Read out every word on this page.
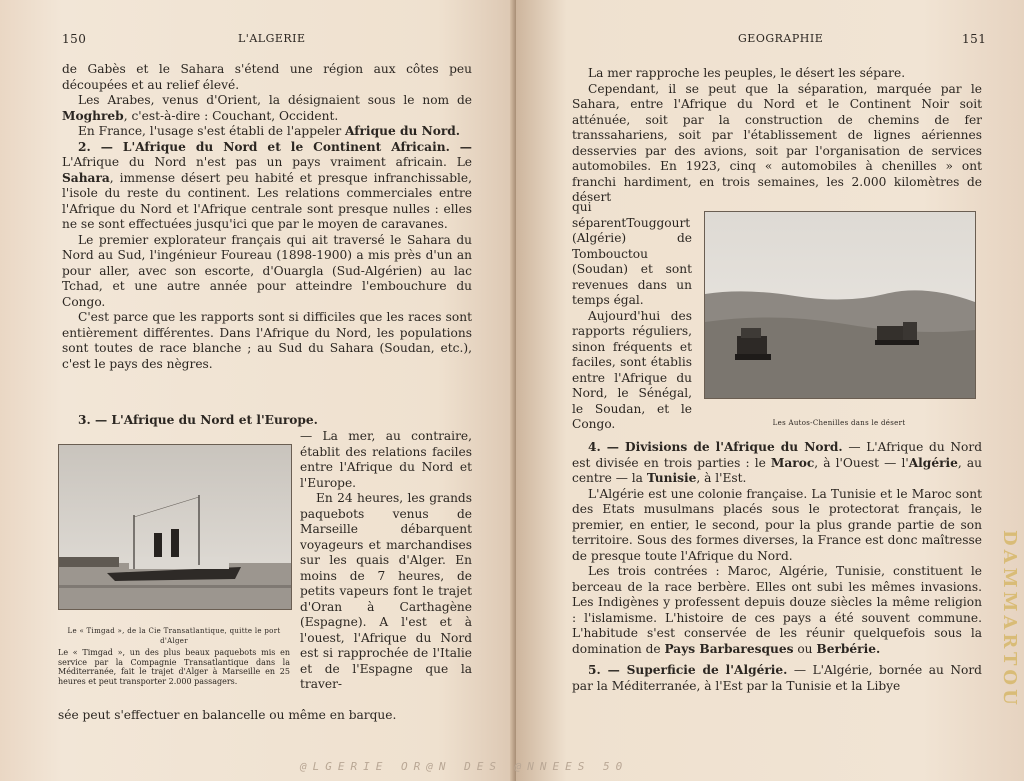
150	L'ALGERIE

de Gabès et le Sahara s'étend une région aux côtes peu découpées et au relief élevé.

Les Arabes, venus d'Orient, la désignaient sous le nom de Moghreb, c'est-à-dire : Couchant, Occident.

En France, l'usage s'est établi de l'appeler Afrique du Nord.

2. — L'Afrique du Nord et le Continent Africain. — L'Afrique du Nord n'est pas un pays vraiment africain. Le Sahara, immense désert peu habité et presque infranchissable, l'isole du reste du continent. Les relations commerciales entre l'Afrique du Nord et l'Afrique centrale sont presque nulles : elles ne se sont effectuées jusqu'ici que par le moyen de caravanes.

Le premier explorateur français qui ait traversé le Sahara du Nord au Sud, l'ingénieur Foureau (1898-1900) a mis près d'un an pour aller, avec son escorte, d'Ouargla (Sud-Algérien) au lac Tchad, et une autre année pour atteindre l'embouchure du Congo.

C'est parce que les rapports sont si difficiles que les races sont entièrement différentes. Dans l'Afrique du Nord, les populations sont toutes de race blanche ; au Sud du Sahara (Soudan, etc.), c'est le pays des nègres.

3. — L'Afrique du Nord et l'Europe.

Le « Timgad », de la Cie Transatlantique, quitte le port d'Alger
Le « Timgad », un des plus beaux paquebots mis en service par la Compagnie Transatlantique dans la Méditerranée, fait le trajet d'Alger à Marseille en 25 heures et peut transporter 2.000 passagers.

— La mer, au contraire, établit des relations faciles entre l'Afrique du Nord et l'Europe.

En 24 heures, les grands paquebots venus de Marseille débarquent voyageurs et marchandises sur les quais d'Alger. En moins de 7 heures, de petits vapeurs font le trajet d'Oran à Carthagène (Espagne). A l'est et à l'ouest, l'Afrique du Nord est si rapprochée de l'Italie et de l'Espagne que la traver-

sée peut s'effectuer en balancelle ou même en barque.
GEOGRAPHIE	151

La mer rapproche les peuples, le désert les sépare.

Cependant, il se peut que la séparation, marquée par le Sahara, entre l'Afrique du Nord et le Continent Noir soit atténuée, soit par la construction de chemins de fer transsahariens, soit par l'établissement de lignes aériennes desservies par des avions, soit par l'organisation de services automobiles. En 1923, cinq « automobiles à chenilles » ont franchi hardiment, en trois semaines, les 2.000 kilomètres de désert

qui séparentTouggourt (Algérie) de Tombouctou (Soudan) et sont revenues dans un temps égal.

Aujourd'hui des rapports réguliers, sinon fréquents et faciles, sont établis entre l'Afrique du Nord, le Sénégal, le Soudan, et le Congo.	Les Autos-Chenilles dans le désert

4. — Divisions de l'Afrique du Nord. — L'Afrique du Nord est divisée en trois parties : le Maroc, à l'Ouest — l'Algérie, au centre — la Tunisie, à l'Est.

L'Algérie est une colonie française. La Tunisie et le Maroc sont des Etats musulmans placés sous le protectorat français, le premier, en entier, le second, pour la plus grande partie de son territoire. Sous des formes diverses, la France est donc maîtresse de presque toute l'Afrique du Nord.

Les trois contrées : Maroc, Algérie, Tunisie, constituent le berceau de la race berbère. Elles ont subi les mêmes invasions. Les Indigènes y professent depuis douze siècles la même religion : l'islamisme. L'histoire de ces pays a été souvent commune. L'habitude s'est conservée de les réunir quelquefois sous la domination de Pays Barbaresques ou Berbérie.

5. — Superficie de l'Algérie. — L'Algérie, bornée au Nord par la Méditerranée, à l'Est par la Tunisie et la Libye	DAMMARTOU
@LGERIE OR@N DES @NNEES 50
